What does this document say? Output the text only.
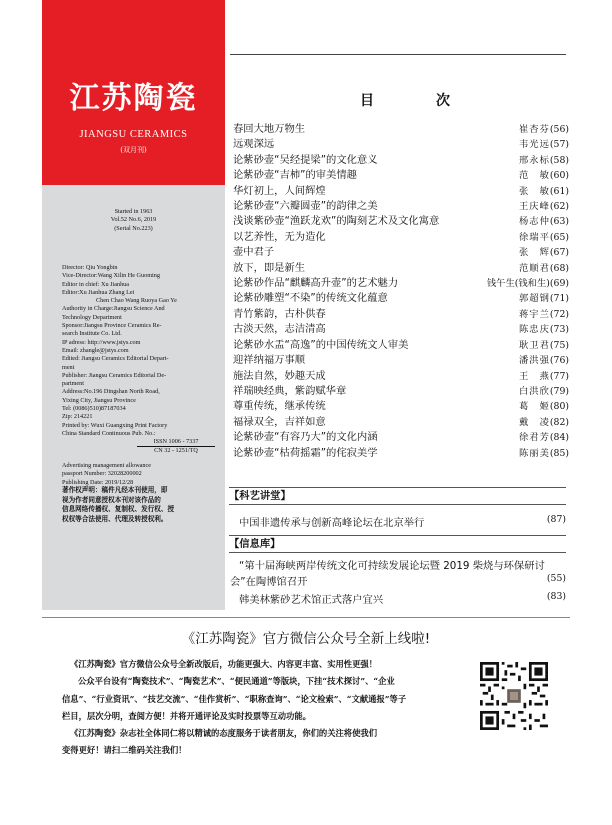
江苏陶瓷
JIANGSU CERAMICS
(双月刊)
Started in 1963
Vol.52 No.6, 2019
(Serial No.223)
Director: Qiu Yongbin
Vice-Director:Wang Xilin He Guoming
Editor in chief: Xu Jianhua
Editor:Xu Jianhua Zhang Lei
Chen Chao Wang Ruoya Gao Ye
Authority in Charge:Jiangsu Science And
Technology Department
Sponsor:Jiangsu Province Ceramics Re-
search Institute Co. Ltd.
IP adress: http://www.jstys.com
Email: zhangle@jstys.com
Edited: Jiangsu Ceramics Editorial Depart-
ment
Publisher: Jiangsu Ceramics Editorial De-
partment
Address:No.196 Dingshan North Road,
Yixing City, Jiangsu Province
Tel: (0086)510)87187034
Zip: 214221
Printed by: Wuxi Guangxing Print Factory
China Standard Continuous Pub. No.:
ISSN 1006 - 7337
CN 32 - 1251/TQ
Advertising management allowance
passport Number: 32028200002
Publishing Date: 2019/12/28
著作权声明：稿件凡经本刊使用，即
视为作者同意授权本刊对该作品的
信息网络传播权、复制权、发行权、授
权权等合法使用、代理及转授权利。
目　次
春回大地万物生	崔杏芬(56)
远观深远	韦光远(57)
论紫砂壶“吴经提梁”的文化意义	邢永标(58)
论紫砂壶“吉柿”的审美情趣	范　敏(60)
华灯初上，人间辉煌	张　敏(61)
论紫砂壶“六瓣圆壶”的韵律之美	王庆峰(62)
浅谈紫砂壶“渔跃龙欢”的陶刻艺术及文化寓意	杨志仲(63)
以艺养性，无为造化	徐瑞平(65)
壶中君子	张　辉(67)
放下，即是新生	范顺君(68)
论紫砂作品“麒麟高升壶”的艺术魅力	钱午生(钱和生)(69)
论紫砂雕塑“不染”的传统文化蕴意	郭超钢(71)
青竹紫韵，古朴供春	蒋宇兰(72)
古淡天然，志洁清高	陈忠庆(73)
论紫砂水盂“高逸”的中国传统文人审美	耿卫君(75)
迎祥纳福万事顺	潘洪强(76)
施法自然，妙趣天成	王　燕(77)
祥瑞映经典，紫韵赋华章	白洪欣(79)
尊重传统，继承传统	葛　姬(80)
福禄双全，吉祥如意	戴　凌(82)
论紫砂壶“有容乃大”的文化内涵	徐君芳(84)
论紫砂壶“枯荷摇霜”的侘寂美学	陈丽美(85)
【科艺讲堂】
中国非遗传承与创新高峰论坛在北京举行	(87)
【信息库】
“第十届海峡两岸传统文化可持续发展论坛暨 2019 柴烧与环保研讨
会”在陶博馆召开	(55)
韩美林紫砂艺术馆正式落户宜兴	(83)
《江苏陶瓷》官方微信公众号全新上线啦!
《江苏陶瓷》官方微信公众号全新改版后，功能更强大、内容更丰富、实用性更强！
公众平台设有“陶瓷技术”、“陶瓷艺术”、“便民通道”等版块，下挂“技术探讨”、“企业
信息”、“行业资讯”、“技艺交流”、“佳作赏析”、“职称查询”、“论文检索”、“文献通报”等子
栏目，层次分明，查阅方便！并将开通评论及实时投票等互动功能。
《江苏陶瓷》杂志社全体同仁将以精诚的态度服务于读者朋友，你们的关注将使我们
变得更好！请扫二维码关注我们！
